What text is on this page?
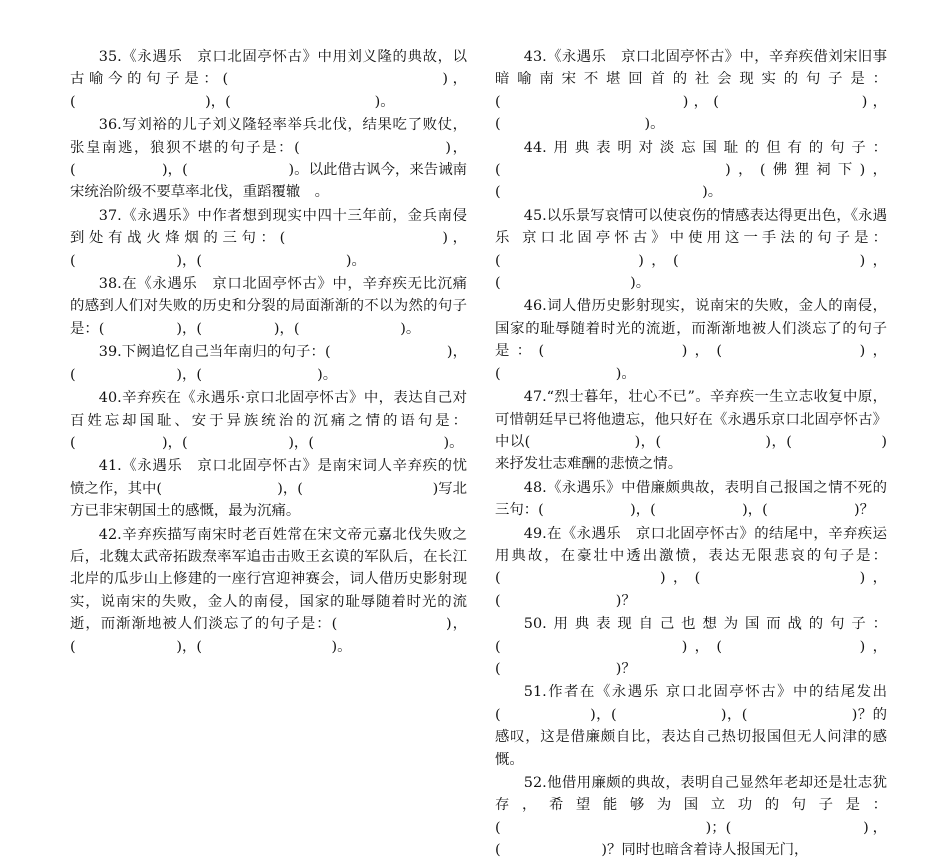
35.《永遇乐　京口北固亭怀古》中用刘义隆的典故，以古喻今的句子是：(　　　　　　　　　　　)，(　　　　　　　　　)，(　　　　　　　　　　)。

36.写刘裕的儿子刘义隆轻率举兵北伐，结果吃了败仗，张皇南逃，狼狈不堪的句子是：(　　　　　　　　　)，(　　　　　　)，(　　　　　　　)。以此借古讽今，来告诫南宋统治阶级不要草率北伐，重蹈覆辙　。

37.《永遇乐》中作者想到现实中四十三年前，金兵南侵到处有战火烽烟的三句：(　　　　　　　　)，(　　　　　　　)，(　　　　　　　　　　)。

38.在《永遇乐　京口北固亭怀古》中，辛弃疾无比沉痛的感到人们对失败的历史和分裂的局面渐渐的不以为然的句子是：(　　　　　)，(　　　　　)，(　　　　　　　)。

39.下阙追忆自己当年南归的句子：(　　　　　　　　)，(　　　　　　　)，(　　　　　　　　)。

40.辛弃疾在《永遇乐·京口北固亭怀古》中，表达自己对百姓忘却国耻、安于异族统治的沉痛之情的语句是：(　　　　　　)，(　　　　　　　)，(　　　　　　　　　)。

41.《永遇乐　京口北固亭怀古》是南宋词人辛弃疾的忧愤之作，其中(　　　　　　　　)，(　　　　　　　　　)写北方已非宋朝国土的感慨，最为沉痛。

42.辛弃疾描写南宋时老百姓常在宋文帝元嘉北伐失败之后，北魏太武帝拓跋焘率军追击击败王玄谟的军队后，在长江北岸的瓜步山上修建的一座行宫迎神赛会，词人借历史影射现实，说南宋的失败，金人的南侵，国家的耻辱随着时光的流逝，而渐渐地被人们淡忘了的句子是：(　　　　　　　)，(　　　　　　　)，(　　　　　　　　　)。

43.《永遇乐　京口北固亭怀古》中，辛弃疾借刘宋旧事暗喻南宋不堪回首的社会现实的句子是：(　　　　　　　　　)，(　　　　　　　)，(　　　　　　　　　　)。

44.用典表明对淡忘国耻的但有的句子：(　　　　　　　　　　)，(佛狸祠下)，(　　　　　　　　　　　　　　)。

45.以乐景写哀情可以使哀伤的情感表达得更出色，《永遇乐 京口北固亭怀古》中使用这一手法的句子是：(　　　　　　)，(　　　　　　　　)，(　　　　　　　　　)。

46.词人借历史影射现实，说南宋的失败，金人的南侵，国家的耻辱随着时光的流逝，而渐渐地被人们淡忘了的句子是：(　　　　　　)，(　　　　　　)，(　　　　　　　　)。

47.“烈士暮年，壮心不已”。辛弃疾一生立志收复中原，可惜朝廷早已将他遗忘，他只好在《永遇乐京口北固亭怀古》中以(　　　　　　　)，(　　　　　　　)，(　　　　　　)来抒发壮志难酬的悲愤之情。

48.《永遇乐》中借廉颇典故，表明自己报国之情不死的三句：(　　　　　　)，(　　　　　　)，(　　　　　　)？

49.在《永遇乐　京口北固亭怀古》的结尾中，辛弃疾运用典故，在豪壮中透出激愤，表达无限悲哀的句子是：(　　　　　　　)，(　　　　　　　)，(　　　　　　　　)？

50.用典表现自己也想为国而战的句子：(　　　　　　　　)，(　　　　　　)，(　　　　　　　　)？

51.作者在《永遇乐 京口北固亭怀古》中的结尾发出(　　　　　　)，(　　　　　　　)，(　　　　　　　)？的感叹，这是借廉颇自比，表达自己热切报国但无人问津的感慨。

52.他借用廉颇的典故，表明自己显然年老却还是壮志犹存，希望能够为国立功的句子是：(　　　　　　　　　　　)；(　　　　　　　)，(　　　　　　　)？同时也暗含着诗人报国无门，
